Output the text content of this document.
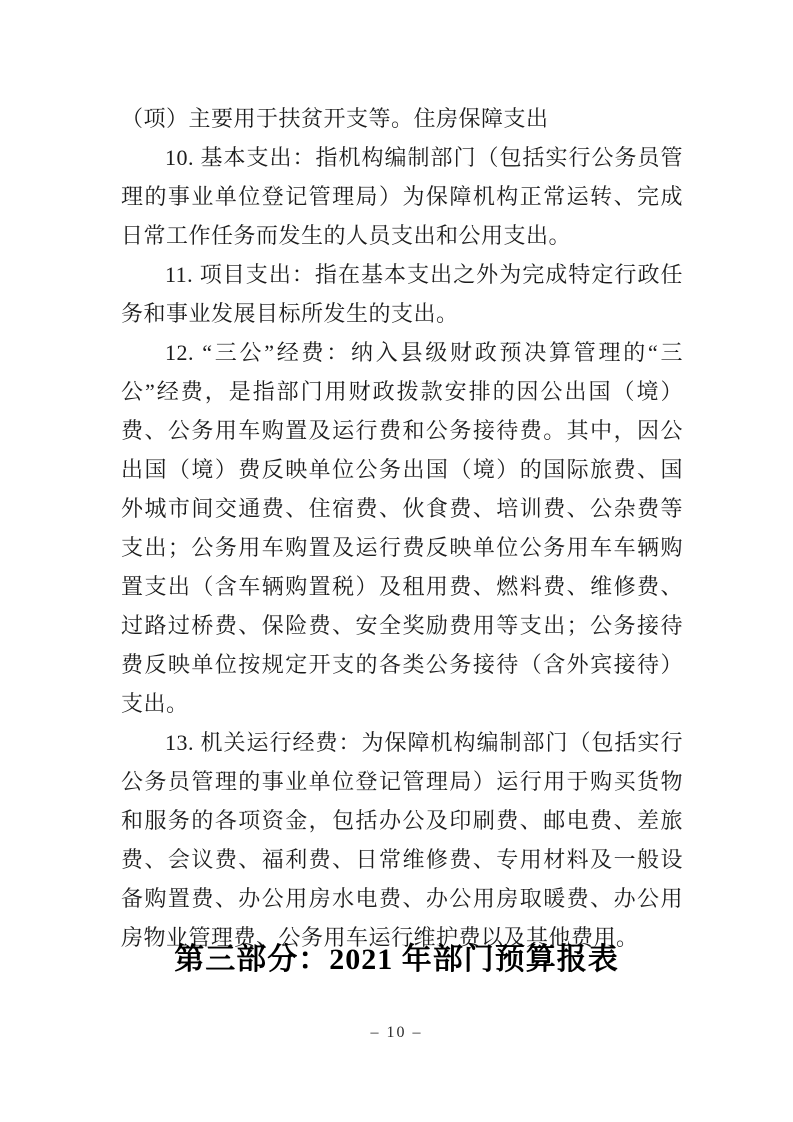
（项）主要用于扶贫开支等。住房保障支出

10. 基本支出：指机构编制部门（包括实行公务员管理的事业单位登记管理局）为保障机构正常运转、完成日常工作任务而发生的人员支出和公用支出。

11. 项目支出：指在基本支出之外为完成特定行政任务和事业发展目标所发生的支出。

12. “三公”经费：纳入县级财政预决算管理的“三公”经费，是指部门用财政拨款安排的因公出国（境）费、公务用车购置及运行费和公务接待费。其中，因公出国（境）费反映单位公务出国（境）的国际旅费、国外城市间交通费、住宿费、伙食费、培训费、公杂费等支出；公务用车购置及运行费反映单位公务用车车辆购置支出（含车辆购置税）及租用费、燃料费、维修费、过路过桥费、保险费、安全奖励费用等支出；公务接待费反映单位按规定开支的各类公务接待（含外宾接待）支出。

13. 机关运行经费：为保障机构编制部门（包括实行公务员管理的事业单位登记管理局）运行用于购买货物和服务的各项资金，包括办公及印刷费、邮电费、差旅费、会议费、福利费、日常维修费、专用材料及一般设备购置费、办公用房水电费、办公用房取暖费、办公用房物业管理费、公务用车运行维护费以及其他费用。

第三部分：2021 年部门预算报表
– 10 –
